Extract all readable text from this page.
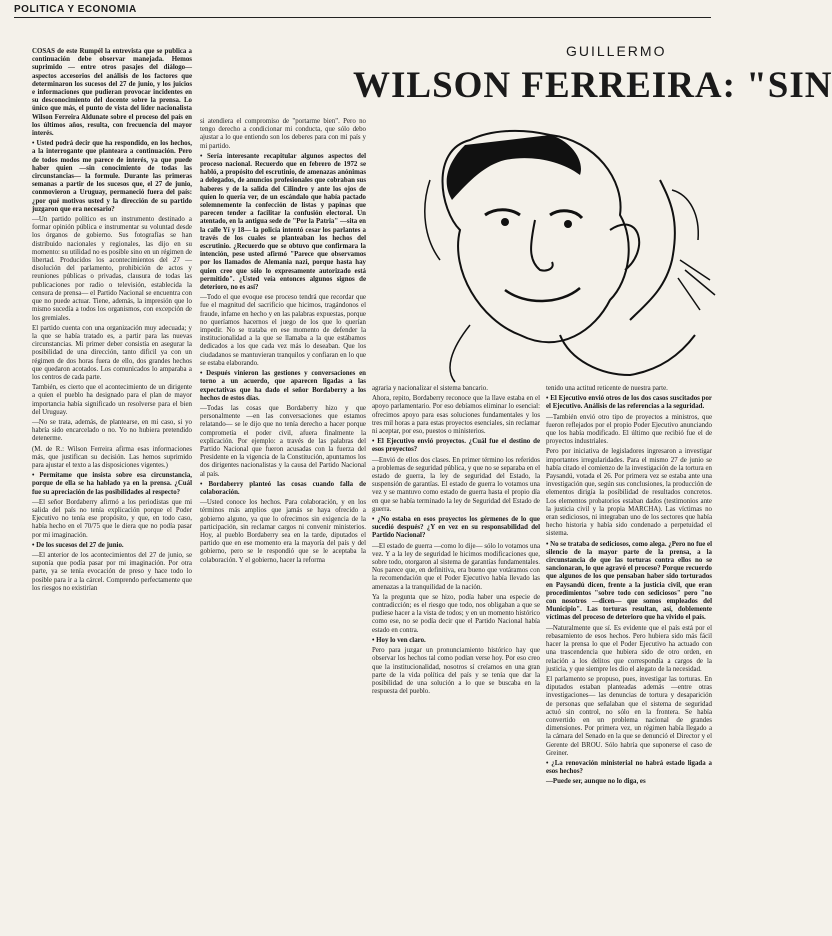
POLITICA Y ECONOMIA
GUILLERMO
WILSON FERREIRA: "SIN

COSAS de este Rumpél la entrevista que se publica a continuación debe observar manejada. Hemos suprimido — entre otros pasajes del diálogo— aspectos accesorios del análisis de los factores que determinaron los sucesos del 27 de junio, y los juicios e informaciones que pudieran provocar incidentes en su desconocimiento del docente sobre la prensa. Lo único que más, el punto de vista del líder nacionalista Wilson Ferreira Aldunate sobre el proceso del país en los últimos años, resulta, con frecuencia del mayor interés.

• Usted podrá decir que ha respondido, en los hechos, a la interrogante que planteara a continuación. Pero de todos modos me parece de interés, ya que puede haber quien —sin conocimiento de todas las circunstancias— la formule. Durante las primeras semanas a partir de los sucesos que, el 27 de junio, conmovieron a Uruguay, permaneció fuera del país: ¿por qué motivos usted y la dirección de su partido juzgaron que era necesario?

—Un partido político es un instrumento destinado a formar opinión pública e instrumentar su voluntad desde los órganos de gobierno. Sus fotografías se han distribuido nacionales y regionales, las dijo en su momento: su utilidad no es posible sino en un régimen de libertad. Producidos los acontecimientos del 27 —disolución del parlamento, prohibición de actos y reuniones públicas o privadas, clausura de todas las publicaciones por radio o televisión, establecida la censura de prensa— el Partido Nacional se encuentra con que no puede actuar. Tiene, además, la impresión que lo mismo sucedía a todos los organismos, con excepción de los gremiales.

El partido cuenta con una organización muy adecuada; y la que se había tratado es, a partir para las nuevas circunstancias. Mi primer deber consistía en asegurar la posibilidad de una dirección, tanto dificil ya con un régimen de dos horas fuera de ello, dos grandes hechos que quedaron acotados. Los comunicados lo amparaba a los centros de cada parte.

También, es cierto que el acontecimiento de un dirigente a quien el pueblo ha designado para el plan de mayor importancia había significado un resolverse para el bien del Uruguay.

—No se trata, además, de plantearse, en mi caso, si yo habría sido encarcelado o no. Yo no hubiera pretendido detenerme.

(M. de R.: Wilson Ferreira afirma esas informaciones más, que justifican su decisión. Las hemos suprimido para ajustar el texto a las disposiciones vigentes.)

• Permítame que insista sobre esa circunstancia, porque de ella se ha hablado ya en la prensa. ¿Cuál fue su apreciación de las posibilidades al respecto?

—El señor Bordaberry afirmó a los periodistas que mi salida del país no tenía explicación porque el Poder Ejecutivo no tenía ese propósito, y que, en todo caso, había hecho en el 70/75 que le diera que no podía pasar por mi imaginación.

• De los sucesos del 27 de junio.

—El anterior de los acontecimientos del 27 de junio, se suponía que podía pasar por mi imaginación. Por otra parte, ya se tenía evocación de preso y hace todo lo posible para ir a la cárcel. Comprendo perfectamente que los riesgos no existirían

si atendiera el compromiso de "portarme bien". Pero no tengo derecho a condicionar mi conducta, que sólo debo ajustar a lo que entiendo son los deberes para con mi país y mi partido.

• Sería interesante recapitular algunos aspectos del proceso nacional. Recuerdo que en febrero de 1972 se habló, a propósito del escrutinio, de amenazas anónimas a delegados, de anuncios profesionales que cobraban sus haberes y de la salida del Cilindro y ante los ojos de quien lo quería ver, de un escándalo que había pactado solemnemente la confección de listas y papinas que parecen tender a facilitar la confusión electoral. Un atentado, en la antigua sede de "Por la Patria" —sita en la calle Yí y 18— la policía intentó cesar los parlantes a través de los cuales se planteaban los hechos del escrutinio. ¿Recuerdo que se obtuvo que confirmara la intención, pese usted afirmó "Parece que observamos por los llamados de Alemania nazi, porque hasta hay quien cree que sólo lo expresamente autorizado está permitido". ¿Usted veía entonces algunos signos de deterioro, no es así?

—Todo el que evoque ese proceso tendrá que recordar que fue el magnitud del sacrificio que hicimos, tragándonos el fraude, infame en hecho y en las palabras expuestas, porque no queríamos hacernos el juego de los que lo querían impedir. No se trataba en ese momento de defender la institucionalidad a la que se llamaba a la que estábamos dedicados a los que cada vez más lo deseaban. Que los ciudadanos se mantuvieran tranquilos y confiaran en lo que se estaba elaborando.

• Después vinieron las gestiones y conversaciones en torno a un acuerdo, que aparecen ligadas a las expectativas que ha dado el señor Bordaberry a los hechos de estos días.

—Todas las cosas que Bordaberry hizo y que personalmente —en las conversaciones que estamos relatando— se le dijo que no tenía derecho a hacer porque comprometía el poder civil, afuera finalmente la explicación. Por ejemplo: a través de las palabras del Partido Nacional que fueron acusadas con la fuerza del Presidente en la vigencia de la Constitución, apuntamos los dos dirigentes nacionalistas y la causa del Partido Nacional al país.

• Bordaberry planteó las cosas cuando falla de colaboración.

—Usted conoce los hechos. Para colaboración, y en los términos más amplios que jamás se haya ofrecido a gobierno alguno, ya que lo ofrecimos sin exigencia de la participación, sin reclamar cargos ni convenir ministerios. Hoy, al pueblo Bordaberry sea en la tarde, diputados el partido que en ese momento era la mayoría del país y del gobierno, pero se le respondió que se le aceptaba la colaboración. Y el gobierno, hacer la reforma

agraria y nacionalizar el sistema bancario.

Ahora, repito, Bordaberry reconoce que la llave estaba en el apoyo parlamentario. Por eso debíamos eliminar lo esencial: ofrecimos apoyo para esas soluciones fundamentales y los tres mil horas a para estas proyectos esenciales, sin reclamar ni aceptar, por eso, puestos o ministerios.

• El Ejecutivo envió proyectos. ¿Cuál fue el destino de esos proyectos?

—Envió de ellos dos clases. En primer término los referidos a problemas de seguridad pública, y que no se separaba en el estado de guerra, la ley de seguridad del Estado, la suspensión de garantías. El estado de guerra lo votamos una vez y se mantuvo como estado de guerra hasta el propio día en que se había terminado la ley de Seguridad del Estado de guerra.

• ¿No estaba en esos proyectos los gérmenes de lo que sucedió después? ¿Y en vez en su responsabilidad del Partido Nacional?

—El estado de guerra —como lo dije— sólo lo votamos una vez. Y a la ley de seguridad le hicimos modificaciones que, sobre todo, otorgaron al sistema de garantías fundamentales. Nos parece que, en definitiva, era bueno que votáramos con la recomendación que el Poder Ejecutivo había llevado las amenazas a la tranquilidad de la nación.

Ya la pregunta que se hizo, podía haber una especie de contradicción; es el riesgo que todo, nos obligaban a que se pudiese hacer a la vista de todos; y en un momento histórico como ese, no se podía decir que el Partido Nacional había estado en contra.

• Hoy lo ven claro.

Pero para juzgar un pronunciamiento histórico hay que observar los hechos tal como podían verse hoy. Por eso creo que la institucionalidad, nosotros sí creíamos en una gran parte de la vida política del país y se tenía que dar la posibilidad de una solución a lo que se buscaba en la respuesta del pueblo.

tenido una actitud reticente de nuestra parte.

• El Ejecutivo envió otros de los dos casos suscitados por el Ejecutivo. Análisis de las referencias a la seguridad.

—También envió otro tipo de proyectos a ministros, que fueron reflejados por el propio Poder Ejecutivo anunciando que los había modificado. El último que recibió fue el de proyectos industriales.

Pero por iniciativa de legisladores ingresaron a investigar importantes irregularidades. Para el mismo 27 de junio se había citado el comienzo de la investigación de la tortura en Paysandú, votada el 26. Por primera vez se estaba ante una investigación que, según sus conclusiones, la producción de elementos dirigía la posibilidad de resultados concretos. Los elementos probatorios estaban dados (testimonios ante la justicia civil y la propia MARCHA). Las víctimas no eran sediciosos, ni integraban uno de los sectores que había hecho historia y había sido condenado a perpetuidad el sistema.

• No se trataba de sediciosos, como alega. ¿Pero no fue el silencio de la mayor parte de la prensa, a la circunstancia de que las torturas contra ellos no se sancionaran, lo que agravó el proceso? Porque recuerdo que algunos de los que pensaban haber sido torturados en Paysandú dicen, frente a la justicia civil, que eran procedimientos "sobre todo con sediciosos" pero "no con nosotros —dicen— que somos empleados del Municipio". Las torturas resultan, así, doblemente víctimas del proceso de deterioro que ha vivido el país.

—Naturalmente que sí. Es evidente que el país está por el rebasamiento de esos hechos. Pero hubiera sido más fácil hacer la prensa lo que el Poder Ejecutivo ha actuado con una trascendencia que hubiera sido de otro orden, en relación a los delitos que correspondía a cargos de la justicia, y que siempre les dio el alegato de la necesidad.

El parlamento se propuso, pues, investigar las torturas. En diputados estaban planteadas además —entre otras investigaciones— las denuncias de tortura y desaparición de personas que señalaban que el sistema de seguridad actuó sin control, no sólo en la frontera. Se había convertido en un problema nacional de grandes dimensiones. Por primera vez, un régimen había llegado a la cámara del Senado en la que se denunció el Director y el Gerente del BROU. Sólo habría que suponerse el caso de Greiner.

• ¿La renovación ministerial no habrá estado ligada a esos hechos?

—Puede ser, aunque no lo diga, es
